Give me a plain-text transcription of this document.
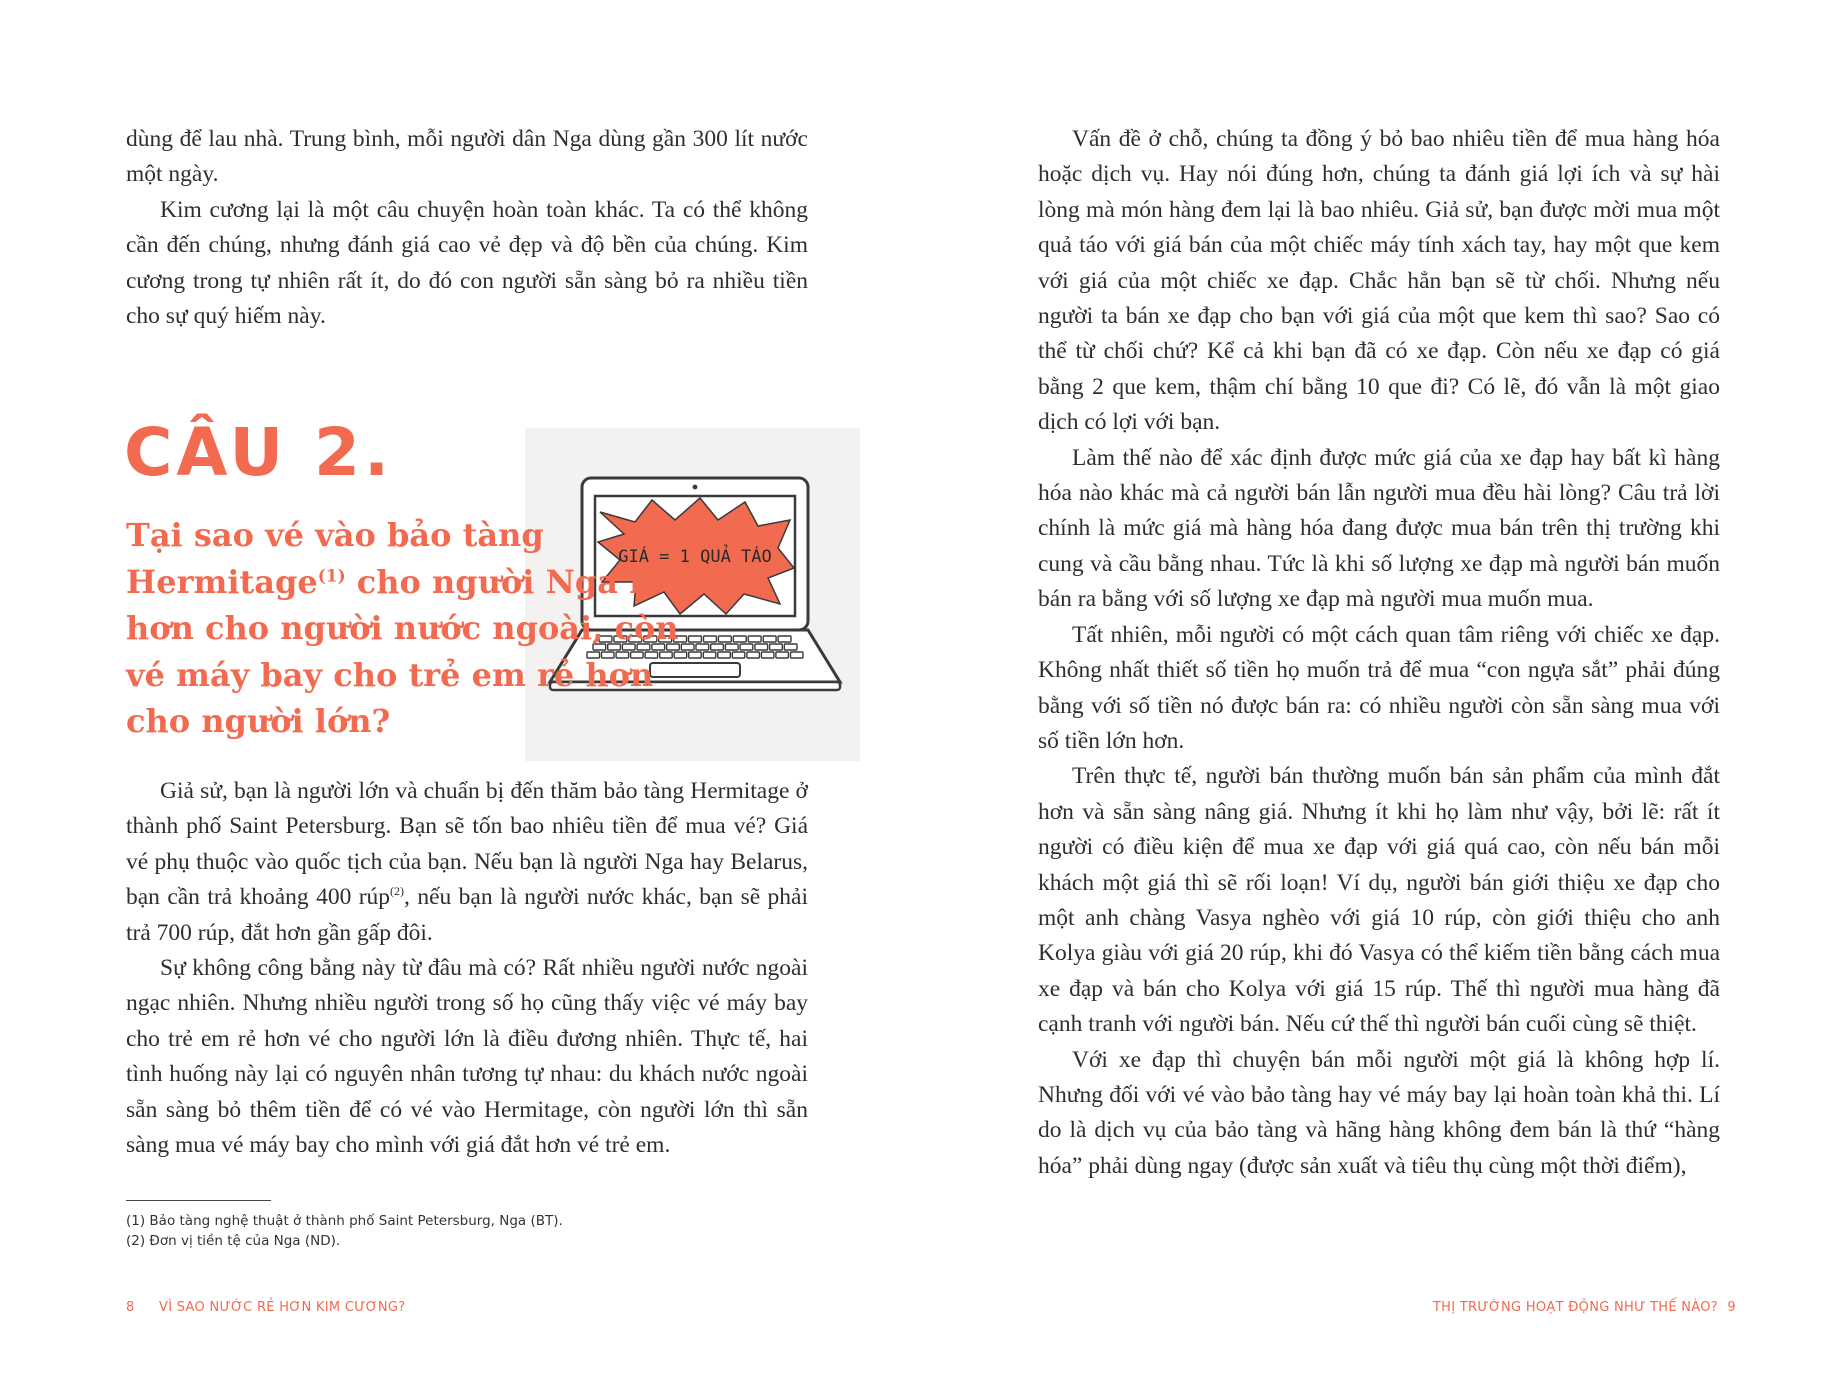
dùng để lau nhà. Trung bình, mỗi người dân Nga dùng gần 300 lít nước một ngày.

Kim cương lại là một câu chuyện hoàn toàn khác. Ta có thể không cần đến chúng, nhưng đánh giá cao vẻ đẹp và độ bền của chúng. Kim cương trong tự nhiên rất ít, do đó con người sẵn sàng bỏ ra nhiều tiền cho sự quý hiếm này.

GIÁ = 1 QUẢ TÁO
CÂU 2.
Tại sao vé vào bảo tàng Hermitage$^{(1)}$ cho người Nga rẻ hơn cho người nước ngoài, còn vé máy bay cho trẻ em rẻ hơn cho người lớn?

Giả sử, bạn là người lớn và chuẩn bị đến thăm bảo tàng Hermitage ở thành phố Saint Petersburg. Bạn sẽ tốn bao nhiêu tiền để mua vé? Giá vé phụ thuộc vào quốc tịch của bạn. Nếu bạn là người Nga hay Belarus, bạn cần trả khoảng 400 rúp$^{(2)}$, nếu bạn là người nước khác, bạn sẽ phải trả 700 rúp, đắt hơn gần gấp đôi.

Sự không công bằng này từ đâu mà có? Rất nhiều người nước ngoài ngạc nhiên. Nhưng nhiều người trong số họ cũng thấy việc vé máy bay cho trẻ em rẻ hơn vé cho người lớn là điều đương nhiên. Thực tế, hai tình huống này lại có nguyên nhân tương tự nhau: du khách nước ngoài sẵn sàng bỏ thêm tiền để có vé vào Hermitage, còn người lớn thì sẵn sàng mua vé máy bay cho mình với giá đắt hơn vé trẻ em.

(1) Bảo tàng nghệ thuật ở thành phố Saint Petersburg, Nga (BT).
(2) Đơn vị tiền tệ của Nga (ND).
8 VÌ SAO NƯỚC RẺ HƠN KIM CƯƠNG?

Vấn đề ở chỗ, chúng ta đồng ý bỏ bao nhiêu tiền để mua hàng hóa hoặc dịch vụ. Hay nói đúng hơn, chúng ta đánh giá lợi ích và sự hài lòng mà món hàng đem lại là bao nhiêu. Giả sử, bạn được mời mua một quả táo với giá bán của một chiếc máy tính xách tay, hay một que kem với giá của một chiếc xe đạp. Chắc hẳn bạn sẽ từ chối. Nhưng nếu người ta bán xe đạp cho bạn với giá của một que kem thì sao? Sao có thể từ chối chứ? Kể cả khi bạn đã có xe đạp. Còn nếu xe đạp có giá bằng 2 que kem, thậm chí bằng 10 que đi? Có lẽ, đó vẫn là một giao dịch có lợi với bạn.

Làm thế nào để xác định được mức giá của xe đạp hay bất kì hàng hóa nào khác mà cả người bán lẫn người mua đều hài lòng? Câu trả lời chính là mức giá mà hàng hóa đang được mua bán trên thị trường khi cung và cầu bằng nhau. Tức là khi số lượng xe đạp mà người bán muốn bán ra bằng với số lượng xe đạp mà người mua muốn mua.

Tất nhiên, mỗi người có một cách quan tâm riêng với chiếc xe đạp. Không nhất thiết số tiền họ muốn trả để mua “con ngựa sắt” phải đúng bằng với số tiền nó được bán ra: có nhiều người còn sẵn sàng mua với số tiền lớn hơn.

Trên thực tế, người bán thường muốn bán sản phẩm của mình đắt hơn và sẵn sàng nâng giá. Nhưng ít khi họ làm như vậy, bởi lẽ: rất ít người có điều kiện để mua xe đạp với giá quá cao, còn nếu bán mỗi khách một giá thì sẽ rối loạn! Ví dụ, người bán giới thiệu xe đạp cho một anh chàng Vasya nghèo với giá 10 rúp, còn giới thiệu cho anh Kolya giàu với giá 20 rúp, khi đó Vasya có thể kiếm tiền bằng cách mua xe đạp và bán cho Kolya với giá 15 rúp. Thế thì người mua hàng đã cạnh tranh với người bán. Nếu cứ thế thì người bán cuối cùng sẽ thiệt.

Với xe đạp thì chuyện bán mỗi người một giá là không hợp lí. Nhưng đối với vé vào bảo tàng hay vé máy bay lại hoàn toàn khả thi. Lí do là dịch vụ của bảo tàng và hãng hàng không đem bán là thứ “hàng hóa” phải dùng ngay (được sản xuất và tiêu thụ cùng một thời điểm),

THỊ TRƯỜNG HOẠT ĐỘNG NHƯ THẾ NÀO? 9
